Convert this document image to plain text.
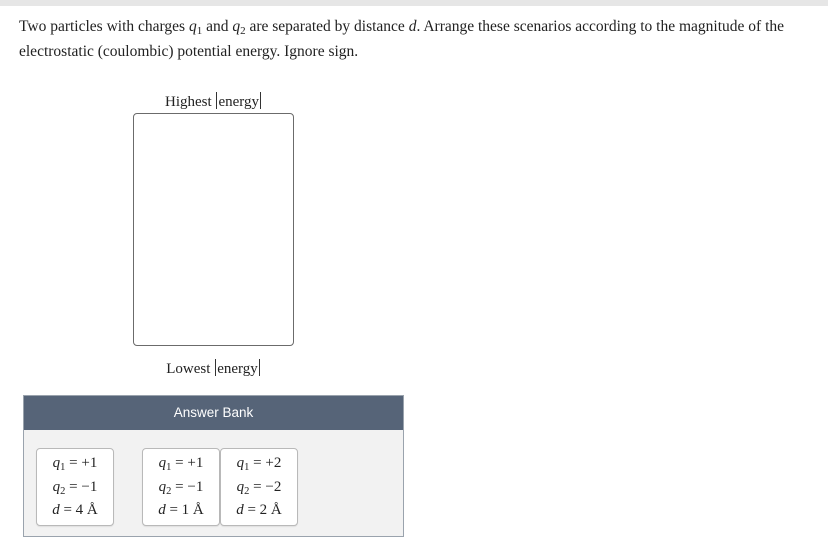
Two particles with charges $q_1$ and $q_2$ are separated by distance d. Arrange these scenarios according to the magnitude of the electrostatic (coulombic) potential energy. Ignore sign.
Highest energy
Lowest energy
Answer Bank
$q_1 = +1$
$q_2 = -1$
d = 4 Å
$q_1 = +1$
$q_2 = -1$
d = 1 Å
$q_1 = +2$
$q_2 = -2$
d = 2 Å
